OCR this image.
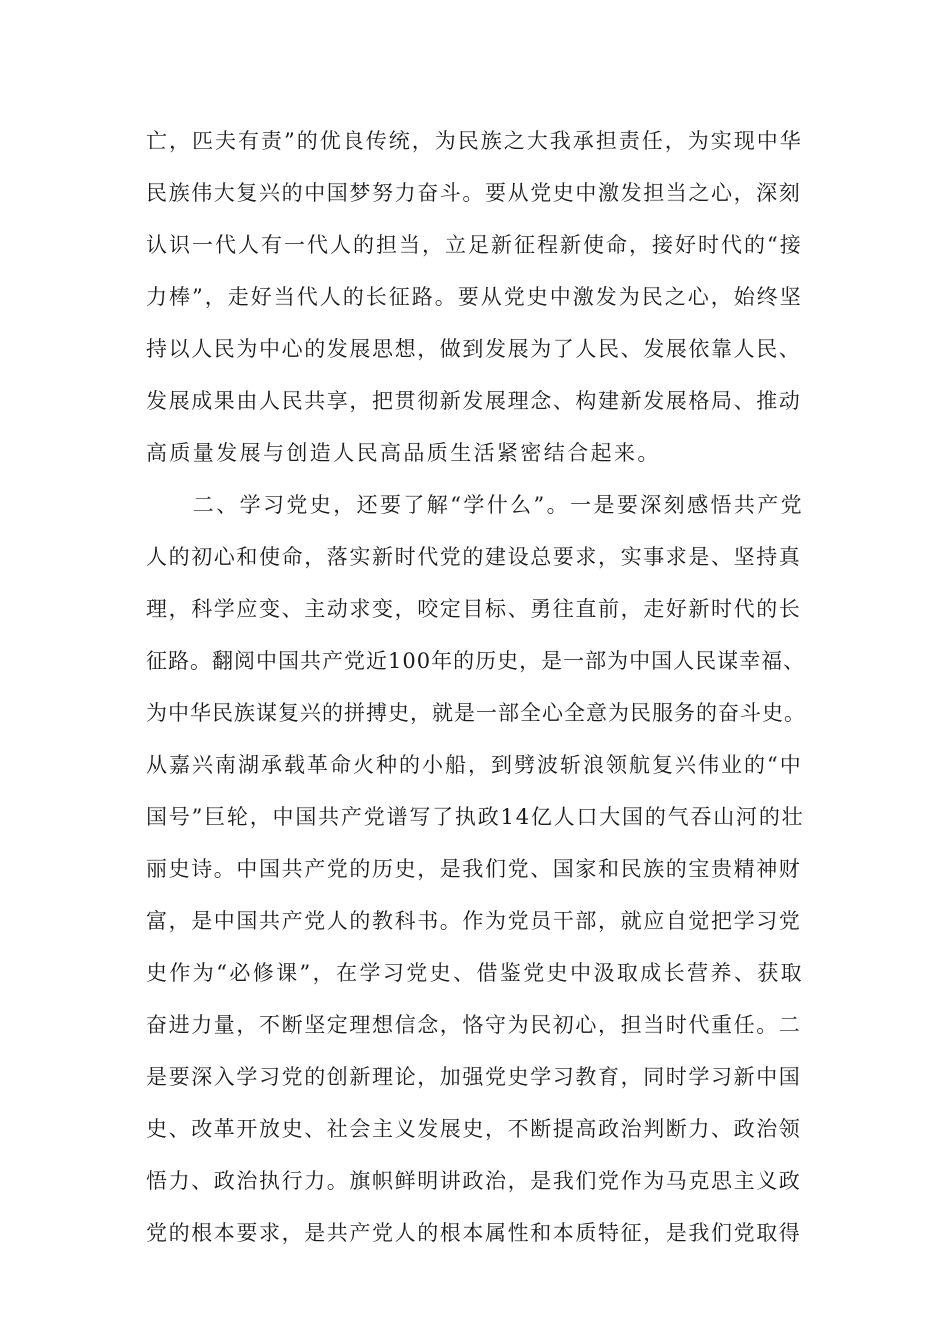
亡，匹夫有责”的优良传统，为民族之大我承担责任，为实现中华
民族伟大复兴的中国梦努力奋斗。要从党史中激发担当之心，深刻
认识一代人有一代人的担当，立足新征程新使命，接好时代的“接
力棒”，走好当代人的长征路。要从党史中激发为民之心，始终坚
持以人民为中心的发展思想，做到发展为了人民、发展依靠人民、
发展成果由人民共享，把贯彻新发展理念、构建新发展格局、推动
高质量发展与创造人民高品质生活紧密结合起来。
　　二、学习党史，还要了解“学什么”。一是要深刻感悟共产党
人的初心和使命，落实新时代党的建设总要求，实事求是、坚持真
理，科学应变、主动求变，咬定目标、勇往直前，走好新时代的长
征路。翻阅中国共产党近100年的历史，是一部为中国人民谋幸福、
为中华民族谋复兴的拼搏史，就是一部全心全意为民服务的奋斗史。
从嘉兴南湖承载革命火种的小船，到劈波斩浪领航复兴伟业的“中
国号”巨轮，中国共产党谱写了执政14亿人口大国的气吞山河的壮
丽史诗。中国共产党的历史，是我们党、国家和民族的宝贵精神财
富，是中国共产党人的教科书。作为党员干部，就应自觉把学习党
史作为“必修课”，在学习党史、借鉴党史中汲取成长营养、获取
奋进力量，不断坚定理想信念，恪守为民初心，担当时代重任。二
是要深入学习党的创新理论，加强党史学习教育，同时学习新中国
史、改革开放史、社会主义发展史，不断提高政治判断力、政治领
悟力、政治执行力。旗帜鲜明讲政治，是我们党作为马克思主义政
党的根本要求，是共产党人的根本属性和本质特征，是我们党取得
